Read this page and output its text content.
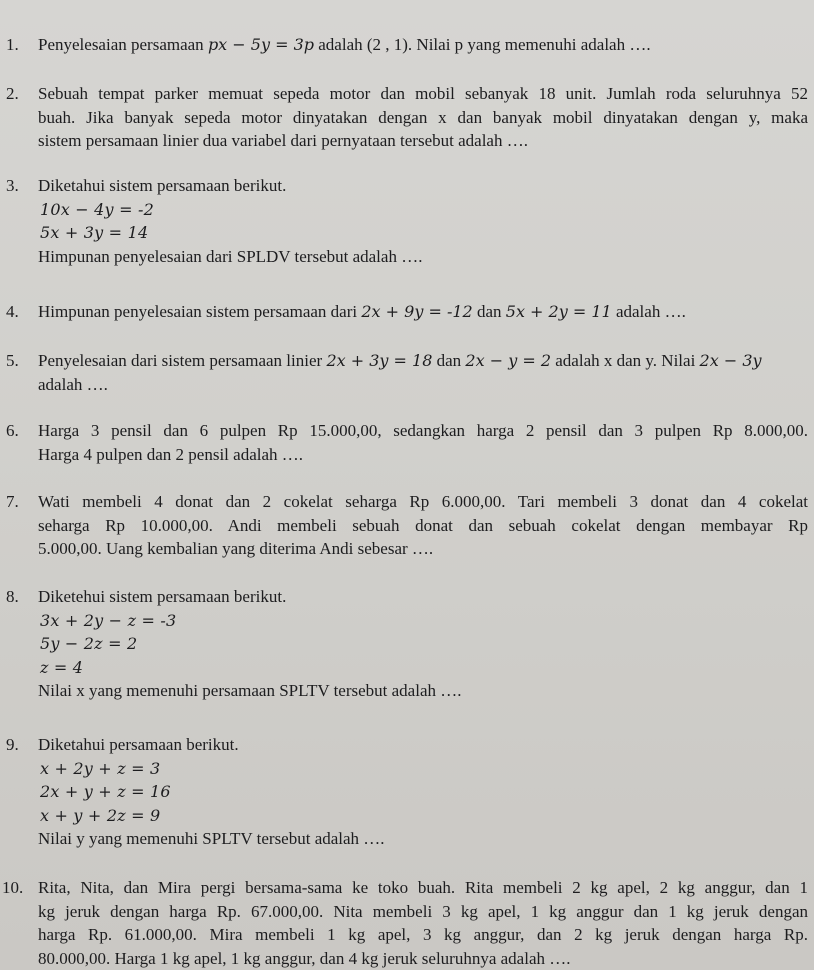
1.	Penyelesaian persamaan px − 5y = 3p adalah (2 , 1). Nilai p yang memenuhi adalah ….
2.	Sebuah tempat parker memuat sepeda motor dan mobil sebanyak 18 unit. Jumlah roda seluruhnya 52
buah. Jika banyak sepeda motor dinyatakan dengan x dan banyak mobil dinyatakan dengan y, maka
sistem persamaan linier dua variabel dari pernyataan tersebut adalah ….
3.	Diketahui sistem persamaan berikut.
10x − 4y = -2
5x + 3y = 14
Himpunan penyelesaian dari SPLDV tersebut adalah ….
4.	Himpunan penyelesaian sistem persamaan dari 2x + 9y = -12 dan 5x + 2y = 11 adalah ….
5.	Penyelesaian dari sistem persamaan linier 2x + 3y = 18 dan 2x − y = 2 adalah x dan y. Nilai 2x − 3y
adalah ….
6.	Harga 3 pensil dan 6 pulpen Rp 15.000,00, sedangkan harga 2 pensil dan 3 pulpen Rp 8.000,00.
Harga 4 pulpen dan 2 pensil adalah ….
7.	Wati membeli 4 donat dan 2 cokelat seharga Rp 6.000,00. Tari membeli 3 donat dan 4 cokelat
seharga Rp 10.000,00. Andi membeli sebuah donat dan sebuah cokelat dengan membayar Rp
5.000,00. Uang kembalian yang diterima Andi sebesar ….
8.	Diketehui sistem persamaan berikut.
3x + 2y − z = -3
5y − 2z = 2
z = 4
Nilai x yang memenuhi persamaan SPLTV tersebut adalah ….
9.	Diketahui persamaan berikut.
x + 2y + z = 3
2x + y + z = 16
x + y + 2z = 9
Nilai y yang memenuhi SPLTV tersebut adalah ….
10. Rita, Nita, dan Mira pergi bersama-sama ke toko buah. Rita membeli 2 kg apel, 2 kg anggur, dan 1
kg jeruk dengan harga Rp. 67.000,00. Nita membeli 3 kg apel, 1 kg anggur dan 1 kg jeruk dengan
harga Rp. 61.000,00. Mira membeli 1 kg apel, 3 kg anggur, dan 2 kg jeruk dengan harga Rp.
80.000,00. Harga 1 kg apel, 1 kg anggur, dan 4 kg jeruk seluruhnya adalah ….
